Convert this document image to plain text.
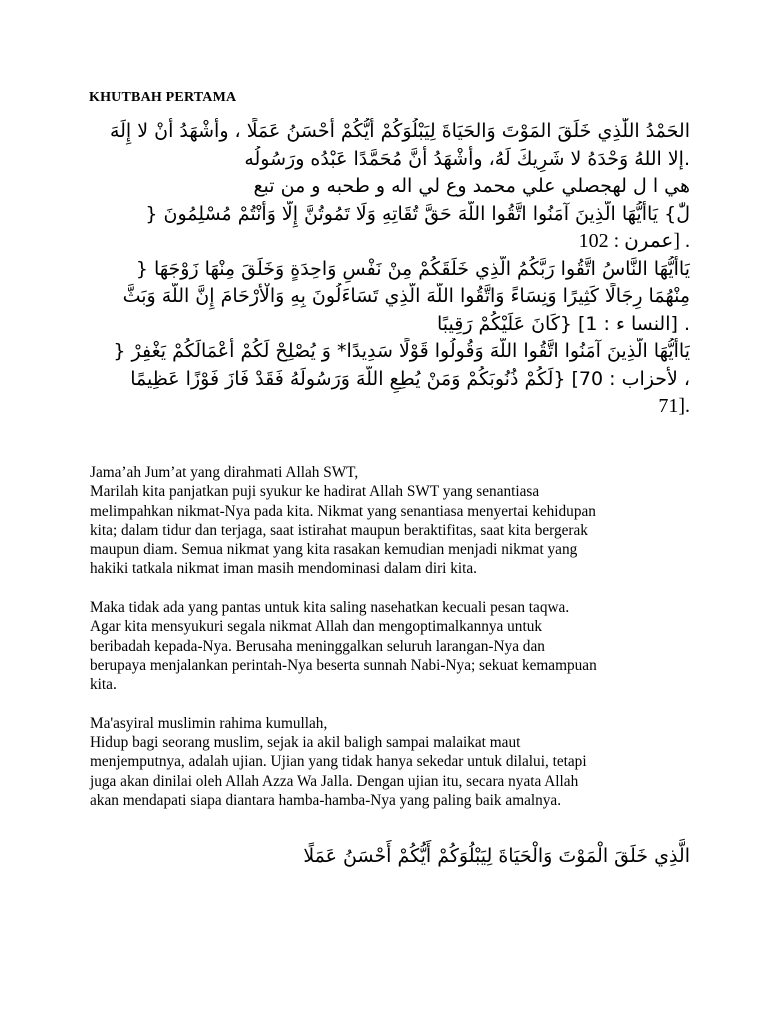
KHUTBAH PERTAMA

الحَمْدُ اللّٰذِي خَلَقَ المَوْتَ وَالحَيَاةَ لِيَبْلُوَكُمْ أَيُّكُمْ أَحْسَنُ عَمَلًا ، وأَشْهَدُ أَنْ لا إِلَهَ

.إلا اللهُ وَحْدَهُ لا شَرِيكَ لَهُ، وأَشْهَدُ أَنَّ مُحَمَّدًا عَبْدُه ورَسُولُه

هي ا ل لهجصلي علي محمد وع لي اله و طحبه و من تبع

لّٰ} يَاأَيُّهَا الَّذِينَ آمَنُوا اتَّقُوا اللَّهَ حَقَّ تُقَاتِهِ وَلَا تَمُوتُنَّ إِلَّا وَأَنْتُمْ مُسْلِمُونَ {

. [عمرن : 102

يَاأَيُّهَا النَّاسُ اتَّقُوا رَبَّكُمُ الَّذِي خَلَقَكُمْ مِنْ نَفْسٍ وَاحِدَةٍ وَخَلَقَ مِنْهَا زَوْجَهَا {

مِنْهُمَا رِجَالًا كَثِيرًا وَنِسَاءً وَاتَّقُوا اللَّهَ الَّذِي تَسَاءَلُونَ بِهِ وَالْأَرْحَامَ إِنَّ اللَّهَ وَبَثَّ

. [النسا ء : 1] {كَانَ عَلَيْكُمْ رَقِيبًا

يَاأَيُّهَا الَّذِينَ آمَنُوا اتَّقُوا اللَّهَ وَقُولُوا قَوْلًا سَدِيدًا* وَ يُصْلِحْ لَكُمْ أَعْمَالَكُمْ يَغْفِرْ {

، لأحزاب : 70] {لَكُمْ ذُنُوبَكُمْ وَمَنْ يُطِعِ اللَّهَ وَرَسُولَهُ فَقَدْ فَازَ فَوْزًا عَظِيمًا

.[71

Jama’ah Jum’at yang dirahmati Allah SWT,
Marilah kita panjatkan puji syukur ke hadirat Allah SWT yang senantiasa
melimpahkan nikmat-Nya pada kita. Nikmat yang senantiasa menyertai kehidupan
kita; dalam tidur dan terjaga, saat istirahat maupun beraktifitas, saat kita bergerak
maupun diam. Semua nikmat yang kita rasakan kemudian menjadi nikmat yang
hakiki tatkala nikmat iman masih mendominasi dalam diri kita.

Maka tidak ada yang pantas untuk kita saling nasehatkan kecuali pesan taqwa.
Agar kita mensyukuri segala nikmat Allah dan mengoptimalkannya untuk
beribadah kepada-Nya. Berusaha meninggalkan seluruh larangan-Nya dan
berupaya menjalankan perintah-Nya beserta sunnah Nabi-Nya; sekuat kemampuan
kita.

Ma'asyiral muslimin rahima kumullah,
Hidup bagi seorang muslim, sejak ia akil baligh sampai malaikat maut
menjemputnya, adalah ujian. Ujian yang tidak hanya sekedar untuk dilalui, tetapi
juga akan dinilai oleh Allah Azza Wa Jalla. Dengan ujian itu, secara nyata Allah
akan mendapati siapa diantara hamba-hamba-Nya yang paling baik amalnya.

الَّذِي خَلَقَ الْمَوْتَ وَالْحَيَاةَ لِيَبْلُوَكُمْ أَيُّكُمْ أَحْسَنُ عَمَلًا
